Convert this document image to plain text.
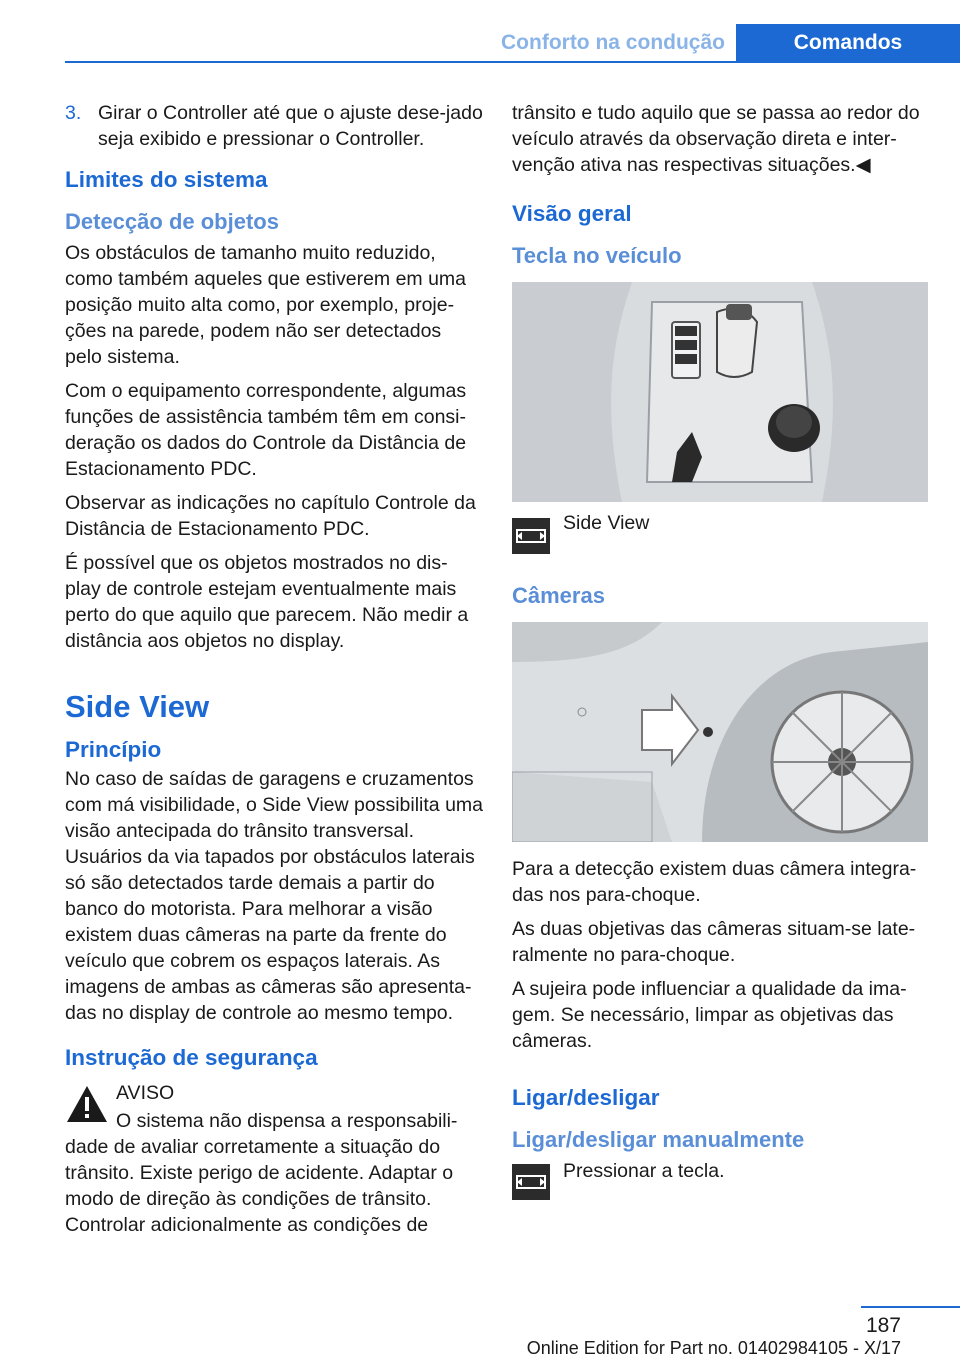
Conforto na condução	Comandos
3. Girar o Controller até que o ajuste dese-jado seja exibido e pressionar o Controller.
Limites do sistema
Detecção de objetos

Os obstáculos de tamanho muito reduzido, como também aqueles que estiverem em uma posição muito alta como, por exemplo, proje-ções na parede, podem não ser detectados pelo sistema.

Com o equipamento correspondente, algumas funções de assistência também têm em consi-deração os dados do Controle da Distância de Estacionamento PDC.

Observar as indicações no capítulo Controle da Distância de Estacionamento PDC.

É possível que os objetos mostrados no dis-play de controle estejam eventualmente mais perto do que aquilo que parecem. Não medir a distância aos objetos no display.

Side View
Princípio

No caso de saídas de garagens e cruzamentos com má visibilidade, o Side View possibilita uma visão antecipada do trânsito transversal. Usuários da via tapados por obstáculos laterais só são detectados tarde demais a partir do banco do motorista. Para melhorar a visão existem duas câmeras na parte da frente do veículo que cobrem os espaços laterais. As imagens de ambas as câmeras são apresenta-das no display de controle ao mesmo tempo.

Instrução de segurança

AVISO

O sistema não dispensa a responsabili-dade de avaliar corretamente a situação do trânsito. Existe perigo de acidente. Adaptar o modo de direção às condições de trânsito. Controlar adicionalmente as condições de

trânsito e tudo aquilo que se passa ao redor do veículo através da observação direta e inter-venção ativa nas respectivas situações.◀

Visão geral
Tecla no veículo
Side View
Câmeras

Para a detecção existem duas câmera integra-das nos para-choque.

As duas objetivas das câmeras situam-se late-ralmente no para-choque.

A sujeira pode influenciar a qualidade da ima-gem. Se necessário, limpar as objetivas das câmeras.

Ligar/desligar
Ligar/desligar manualmente
Pressionar a tecla.
187
Online Edition for Part no. 01402984105 - X/17
